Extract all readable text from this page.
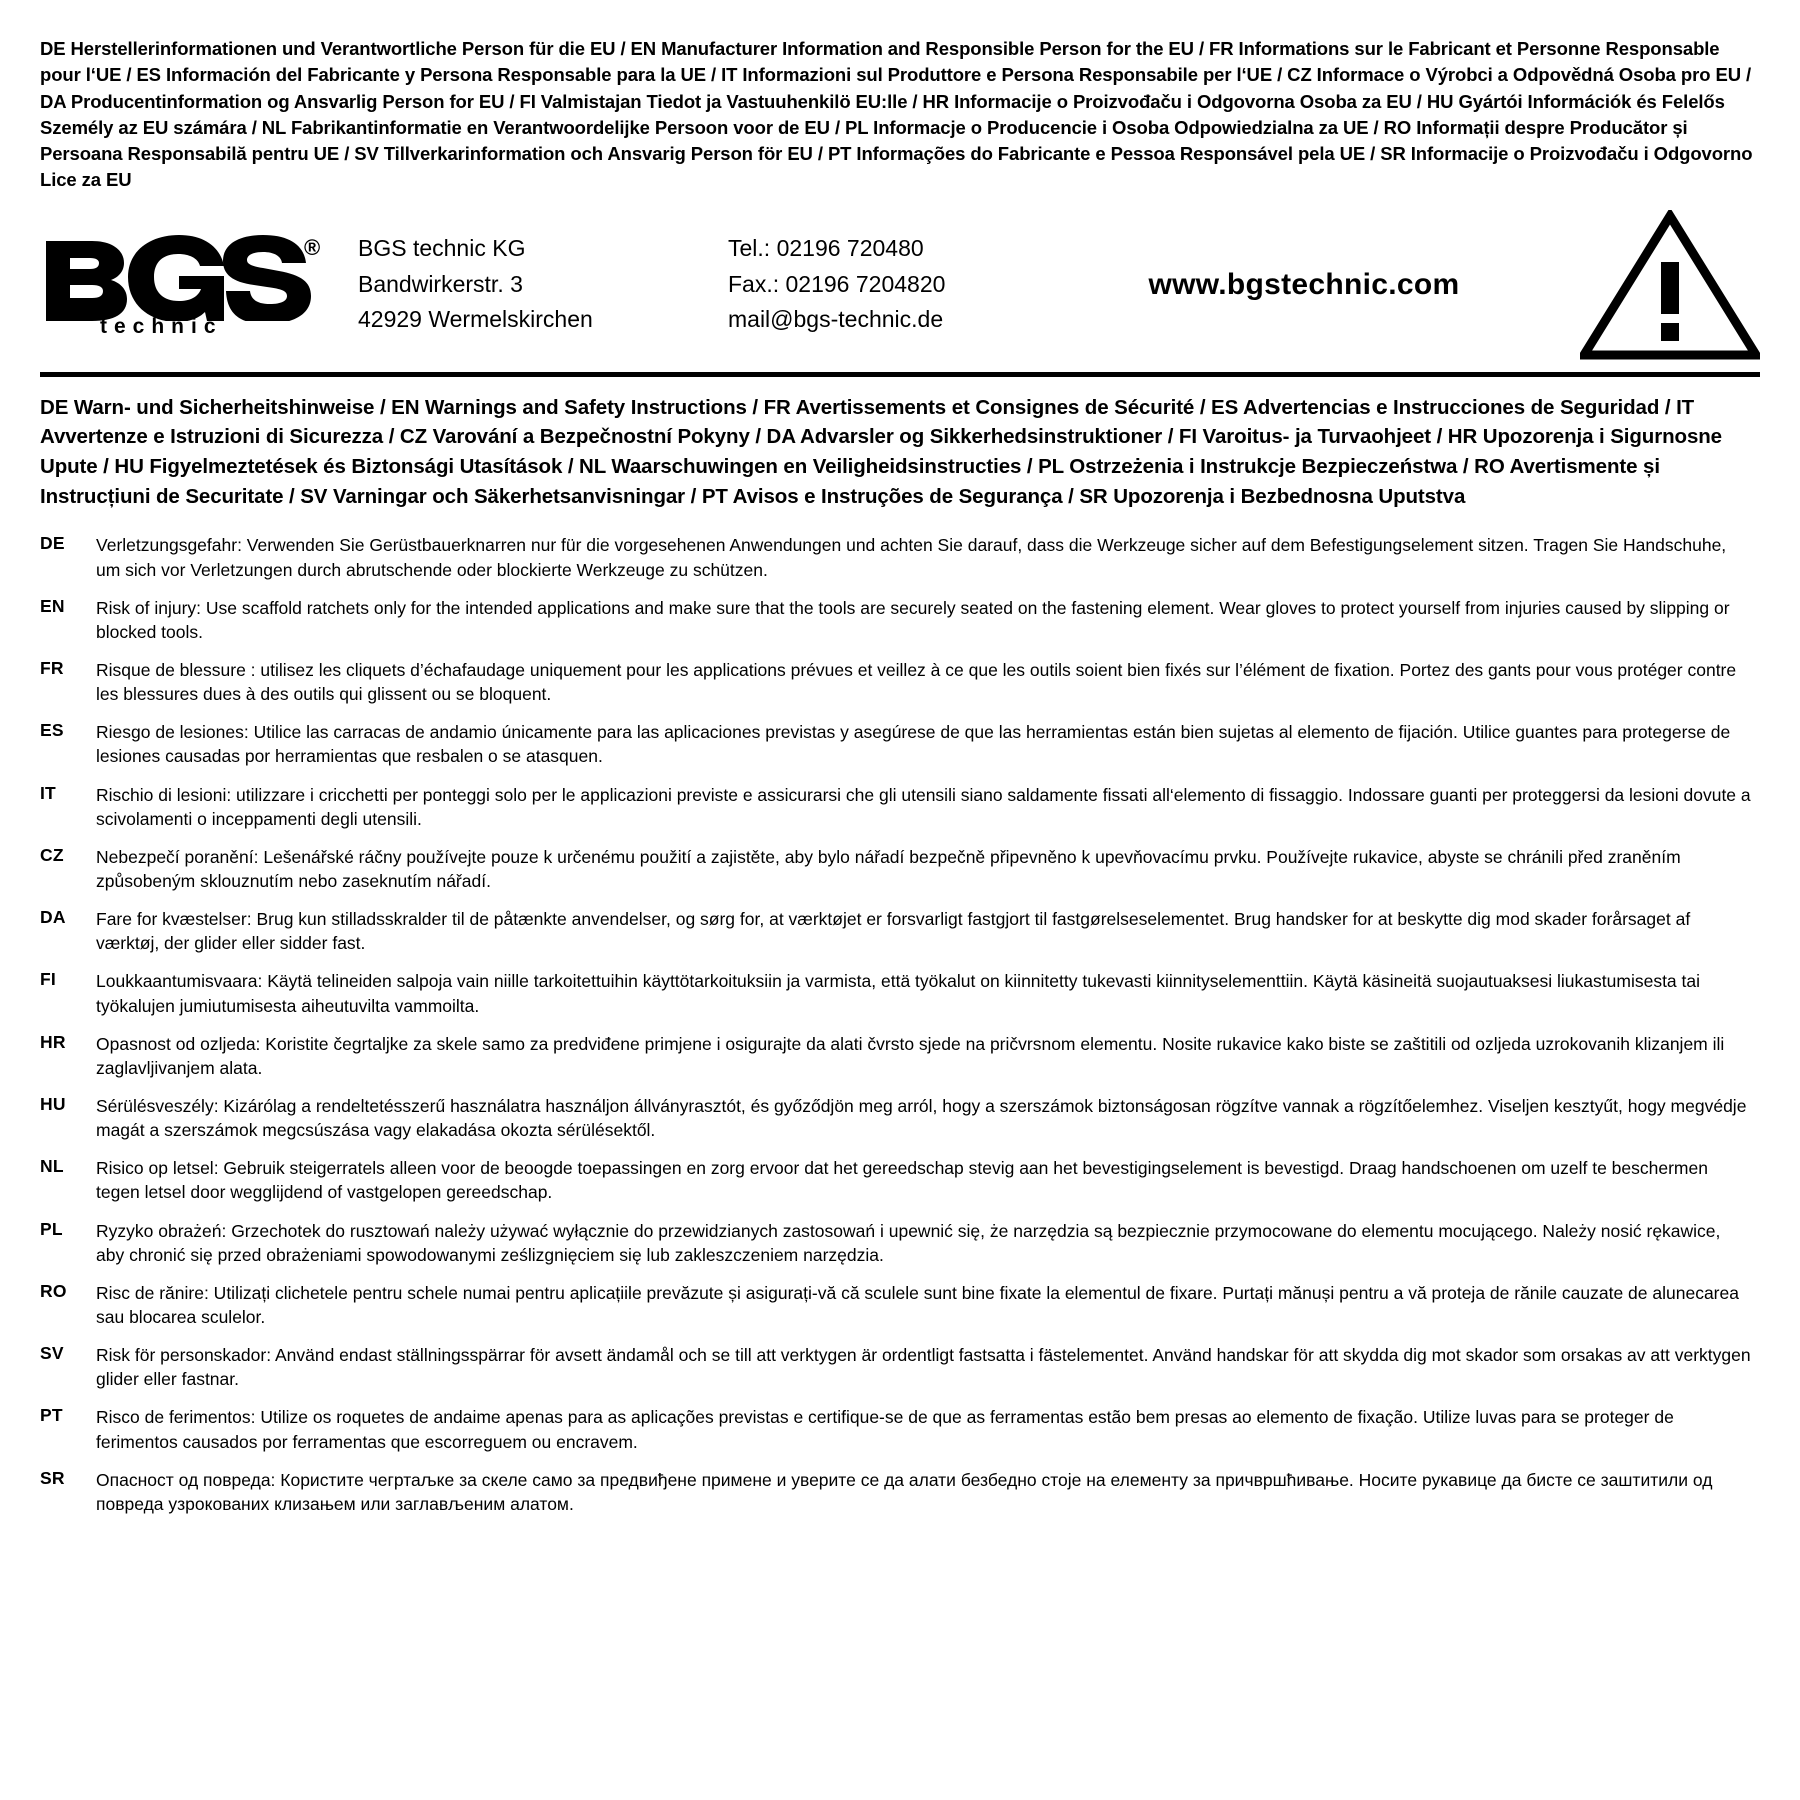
DE Herstellerinformationen und Verantwortliche Person für die EU / EN Manufacturer Information and Responsible Person for the EU / FR Informations sur le Fabricant et Personne Responsable pour l‘UE / ES Información del Fabricante y Persona Responsable para la UE / IT Informazioni sul Produttore e Persona Responsabile per l‘UE / CZ Informace o Výrobci a Odpovědná Osoba pro EU / DA Producentinformation og Ansvarlig Person for EU / FI Valmistajan Tiedot ja Vastuuhenkilö EU:lle / HR Informacije o Proizvođaču i Odgovorna Osoba za EU / HU Gyártói Információk és Felelős Személy az EU számára / NL Fabrikantinformatie en Verantwoordelijke Persoon voor de EU / PL Informacje o Producencie i Osoba Odpowiedzialna za UE / RO Informații despre Producător și Persoana Responsabilă pentru UE / SV Tillverkarinformation och Ansvarig Person för EU / PT Informações do Fabricante e Pessoa Responsável pela UE / SR Informacije o Proizvođaču i Odgovorno Lice za EU
®
technic
BGS technic KG
Bandwirkerstr. 3
42929 Wermelskirchen
Tel.: 02196 720480
Fax.: 02196 7204820
mail@bgs-technic.de
www.bgstechnic.com
DE Warn- und Sicherheitshinweise / EN Warnings and Safety Instructions / FR Avertissements et Consignes de Sécurité / ES Advertencias e Instrucciones de Seguridad / IT Avvertenze e Istruzioni di Sicurezza / CZ Varování a Bezpečnostní Pokyny / DA Advarsler og Sikkerhedsinstruktioner / FI Varoitus- ja Turvaohjeet / HR Upozorenja i Sigurnosne Upute / HU Figyelmeztetések és Biztonsági Utasítások / NL Waarschuwingen en Veiligheidsinstructies / PL Ostrzeżenia i Instrukcje Bezpieczeństwa / RO Avertismente și Instrucțiuni de Securitate / SV Varningar och Säkerhetsanvisningar / PT Avisos e Instruções de Segurança / SR Upozorenja i Bezbednosna Uputstva
DE	Verletzungsgefahr: Verwenden Sie Gerüstbauerknarren nur für die vorgesehenen Anwendungen und achten Sie darauf, dass die Werkzeuge sicher auf dem Befestigungselement sitzen. Tragen Sie Handschuhe, um sich vor Verletzungen durch abrutschende oder blockierte Werkzeuge zu schützen.
EN	Risk of injury: Use scaffold ratchets only for the intended applications and make sure that the tools are securely seated on the fastening element. Wear gloves to protect yourself from injuries caused by slipping or blocked tools.
FR	Risque de blessure : utilisez les cliquets d’échafaudage uniquement pour les applications prévues et veillez à ce que les outils soient bien fixés sur l’élément de fixation. Portez des gants pour vous protéger contre les blessures dues à des outils qui glissent ou se bloquent.
ES	Riesgo de lesiones: Utilice las carracas de andamio únicamente para las aplicaciones previstas y asegúrese de que las herramientas están bien sujetas al elemento de fijación. Utilice guantes para protegerse de lesiones causadas por herramientas que resbalen o se atasquen.
IT	Rischio di lesioni: utilizzare i cricchetti per ponteggi solo per le applicazioni previste e assicurarsi che gli utensili siano saldamente fissati all‘elemento di fissaggio. Indossare guanti per proteggersi da lesioni dovute a scivolamenti o inceppamenti degli utensili.
CZ	Nebezpečí poranění: Lešenářské ráčny používejte pouze k určenému použití a zajistěte, aby bylo nářadí bezpečně připevněno k upevňovacímu prvku. Používejte rukavice, abyste se chránili před zraněním způsobeným sklouznutím nebo zaseknutím nářadí.
DA	Fare for kvæstelser: Brug kun stilladsskralder til de påtænkte anvendelser, og sørg for, at værktøjet er forsvarligt fastgjort til fastgørelseselementet. Brug handsker for at beskytte dig mod skader forårsaget af værktøj, der glider eller sidder fast.
FI	Loukkaantumisvaara: Käytä telineiden salpoja vain niille tarkoitettuihin käyttötarkoituksiin ja varmista, että työkalut on kiinnitetty tukevasti kiinnityselementtiin. Käytä käsineitä suojautuaksesi liukastumisesta tai työkalujen jumiutumisesta aiheutuvilta vammoilta.
HR	Opasnost od ozljeda: Koristite čegrtaljke za skele samo za predviđene primjene i osigurajte da alati čvrsto sjede na pričvrsnom elementu. Nosite rukavice kako biste se zaštitili od ozljeda uzrokovanih klizanjem ili zaglavljivanjem alata.
HU	Sérülésveszély: Kizárólag a rendeltetésszerű használatra használjon állványrasztót, és győződjön meg arról, hogy a szerszámok biztonságosan rögzítve vannak a rögzítőelemhez. Viseljen kesztyűt, hogy megvédje magát a szerszámok megcsúszása vagy elakadása okozta sérülésektől.
NL	Risico op letsel: Gebruik steigerratels alleen voor de beoogde toepassingen en zorg ervoor dat het gereedschap stevig aan het bevestigingselement is bevestigd. Draag handschoenen om uzelf te beschermen tegen letsel door wegglijdend of vastgelopen gereedschap.
PL	Ryzyko obrażeń: Grzechotek do rusztowań należy używać wyłącznie do przewidzianych zastosowań i upewnić się, że narzędzia są bezpiecznie przymocowane do elementu mocującego. Należy nosić rękawice, aby chronić się przed obrażeniami spowodowanymi ześlizgnięciem się lub zakleszczeniem narzędzia.
RO	Risc de rănire: Utilizați clichetele pentru schele numai pentru aplicațiile prevăzute și asigurați-vă că sculele sunt bine fixate la elementul de fixare. Purtați mănuși pentru a vă proteja de rănile cauzate de alunecarea sau blocarea sculelor.
SV	Risk för personskador: Använd endast ställningsspärrar för avsett ändamål och se till att verktygen är ordentligt fastsatta i fästelementet. Använd handskar för att skydda dig mot skador som orsakas av att verktygen glider eller fastnar.
PT	Risco de ferimentos: Utilize os roquetes de andaime apenas para as aplicações previstas e certifique-se de que as ferramentas estão bem presas ao elemento de fixação. Utilize luvas para se proteger de ferimentos causados por ferramentas que escorreguem ou encravem.
SR	Опасност од повреда: Користите чегртаљке за скеле само за предвиђене примене и уверите се да алати безбедно стоје на елементу за причвршћивање. Носите рукавице да бисте се заштитили од повреда узрокованих клизањем или заглављеним алатом.
